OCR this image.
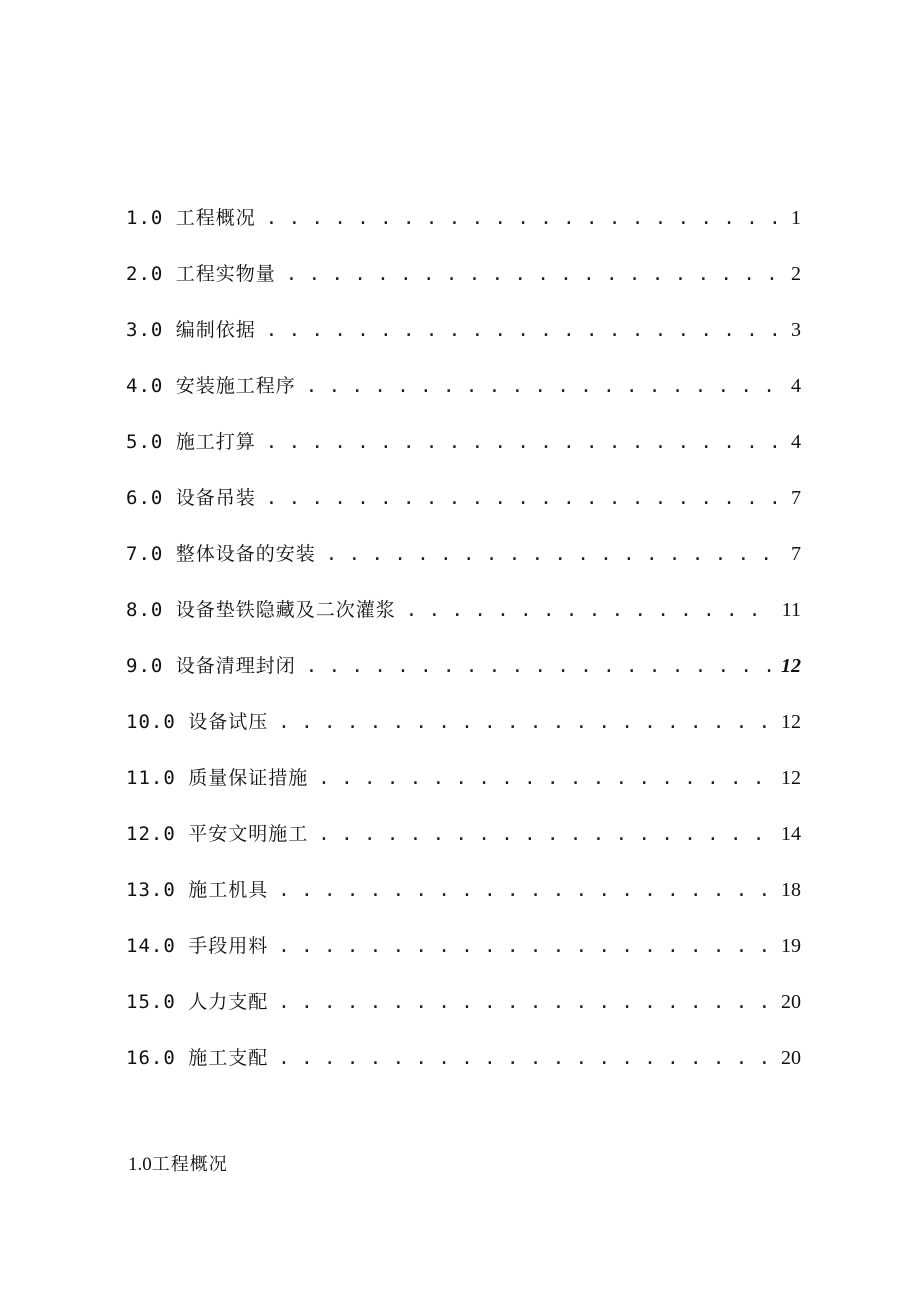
1.0 工程概况 . . .	1
2.0 工程实物量 . . .	2
3.0 编制依据 . . .	3
4.0 安装施工程序 . . .	4
5.0 施工打算 . . .	4
6.0 设备吊装 . . .	7
7.0 整体设备的安装 . . .	7
8.0 设备垫铁隐藏及二次灌浆 . . .	11
9.0 设备清理封闭 . . .	12
10.0 设备试压 . . .	12
11.0 质量保证措施 . . .	12
12.0 平安文明施工 . . .	14
13.0 施工机具 . . .	18
14.0 手段用料 . . .	19
15.0 人力支配 . . .	20
16.0 施工支配 . . .	20
1.0工程概况
